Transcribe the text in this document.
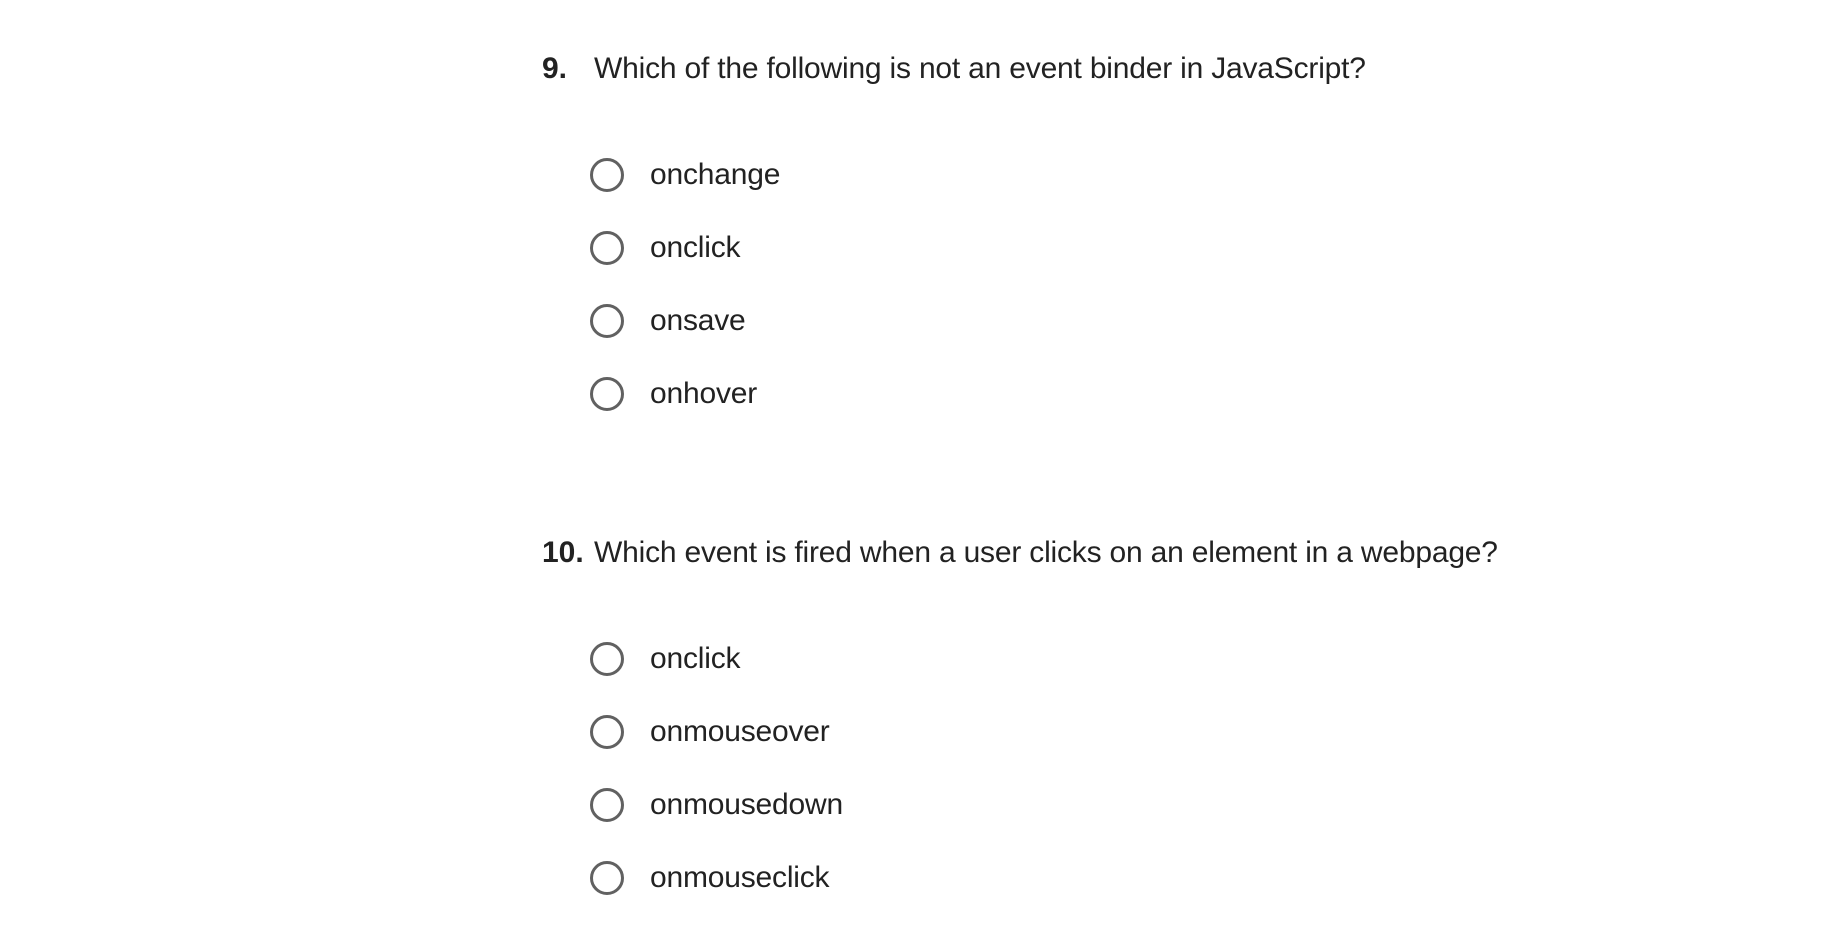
9. Which of the following is not an event binder in JavaScript?
onchange
onclick
onsave
onhover
10. Which event is fired when a user clicks on an element in a webpage?
onclick
onmouseover
onmousedown
onmouseclick
